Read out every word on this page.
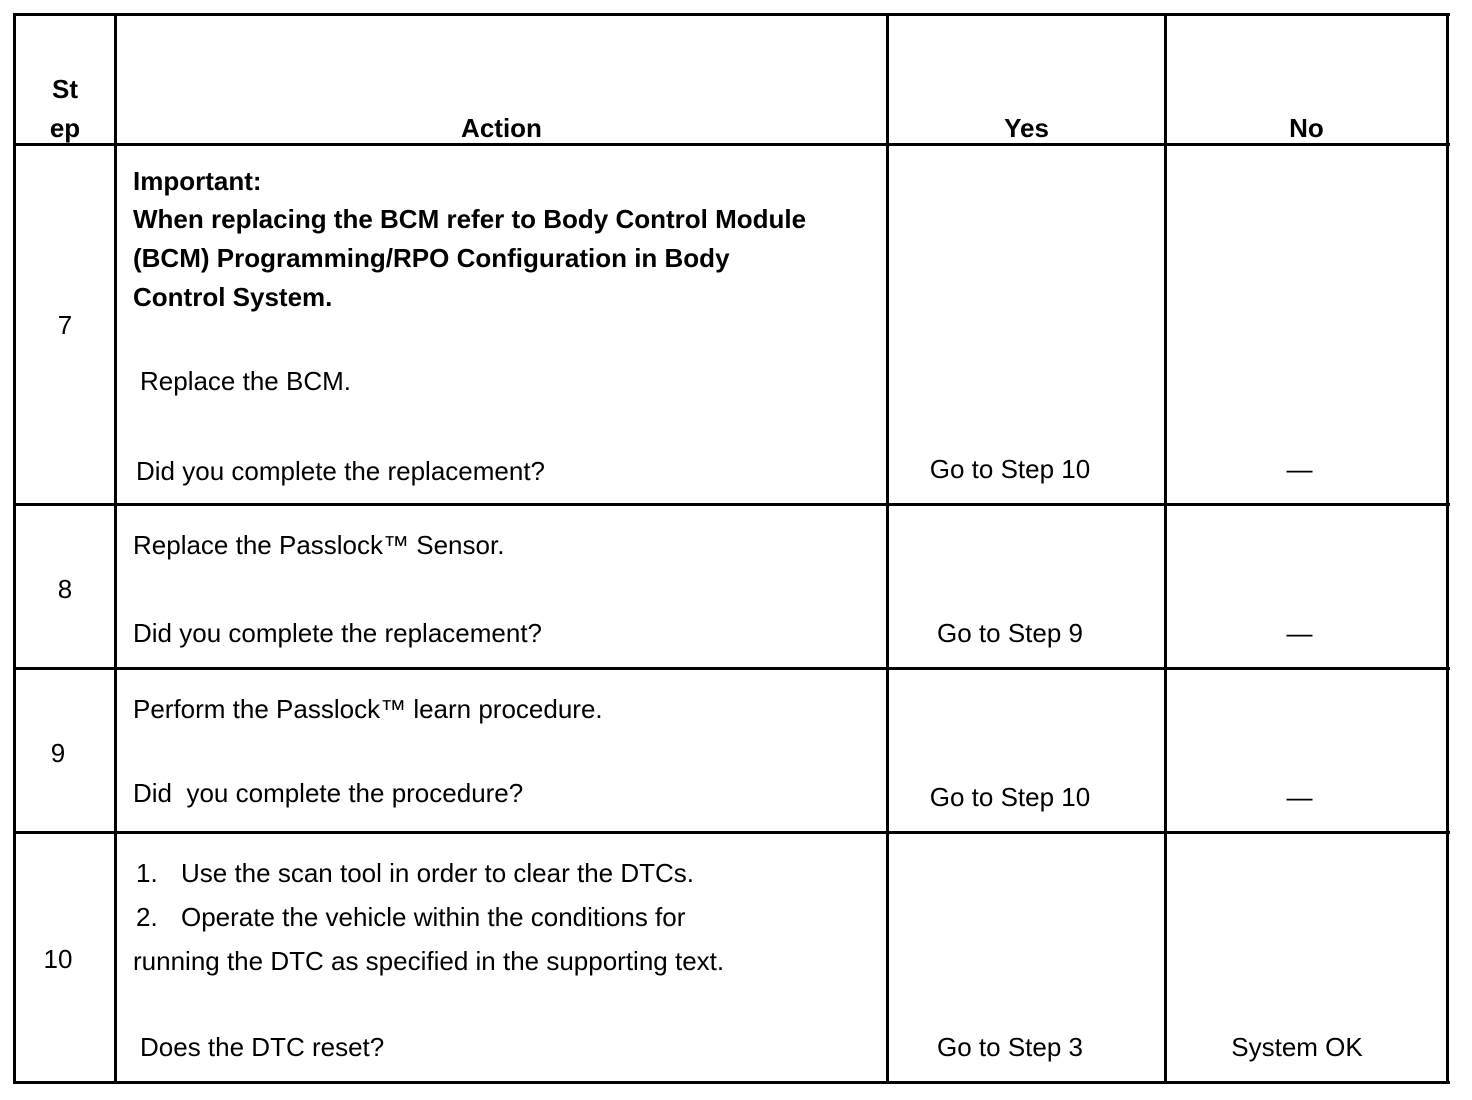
St
ep	Action	Yes	No
7
Important:
When replacing the BCM refer to Body Control Module
(BCM) Programming/RPO Configuration in Body
Control System.
Replace the BCM.
Did you complete the replacement?	Go to Step 10	—
8
Replace the Passlock™ Sensor.
Did you complete the replacement?	Go to Step 9	—
9
Perform the Passlock™ learn procedure.
Did  you complete the procedure?	Go to Step 10	—
10
1. Use the scan tool in order to clear the DTCs.
2. Operate the vehicle within the conditions for
running the DTC as specified in the supporting text.
Does the DTC reset?	Go to Step 3	System OK
